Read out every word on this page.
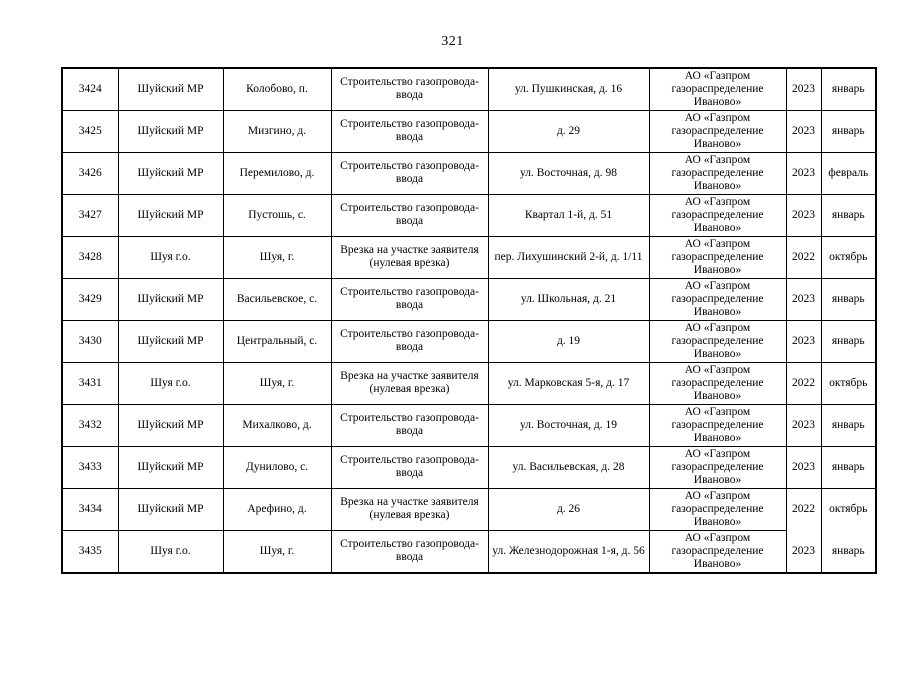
321
3424	Шуйский МР	Колобово, п.	Строительство газопровода-ввода	ул. Пушкинская, д. 16	АО «Газпром газораспределение Иваново»	2023	январь
3425	Шуйский МР	Мизгино, д.	Строительство газопровода-ввода	д. 29	АО «Газпром газораспределение Иваново»	2023	январь
3426	Шуйский МР	Перемилово, д.	Строительство газопровода-ввода	ул. Восточная, д. 98	АО «Газпром газораспределение Иваново»	2023	февраль
3427	Шуйский МР	Пустошь, с.	Строительство газопровода-ввода	Квартал 1-й, д. 51	АО «Газпром газораспределение Иваново»	2023	январь
3428	Шуя г.о.	Шуя, г.	Врезка на участке заявителя (нулевая врезка)	пер. Лихушинский 2-й, д. 1/11	АО «Газпром газораспределение Иваново»	2022	октябрь
3429	Шуйский МР	Васильевское, с.	Строительство газопровода-ввода	ул. Школьная, д. 21	АО «Газпром газораспределение Иваново»	2023	январь
3430	Шуйский МР	Центральный, с.	Строительство газопровода-ввода	д. 19	АО «Газпром газораспределение Иваново»	2023	январь
3431	Шуя г.о.	Шуя, г.	Врезка на участке заявителя (нулевая врезка)	ул. Марковская 5-я, д. 17	АО «Газпром газораспределение Иваново»	2022	октябрь
3432	Шуйский МР	Михалково, д.	Строительство газопровода-ввода	ул. Восточная, д. 19	АО «Газпром газораспределение Иваново»	2023	январь
3433	Шуйский МР	Дунилово, с.	Строительство газопровода-ввода	ул. Васильевская, д. 28	АО «Газпром газораспределение Иваново»	2023	январь
3434	Шуйский МР	Арефино, д.	Врезка на участке заявителя (нулевая врезка)	д. 26	АО «Газпром газораспределение Иваново»	2022	октябрь
3435	Шуя г.о.	Шуя, г.	Строительство газопровода-ввода	ул. Железнодорожная 1-я, д. 56	АО «Газпром газораспределение Иваново»	2023	январь
